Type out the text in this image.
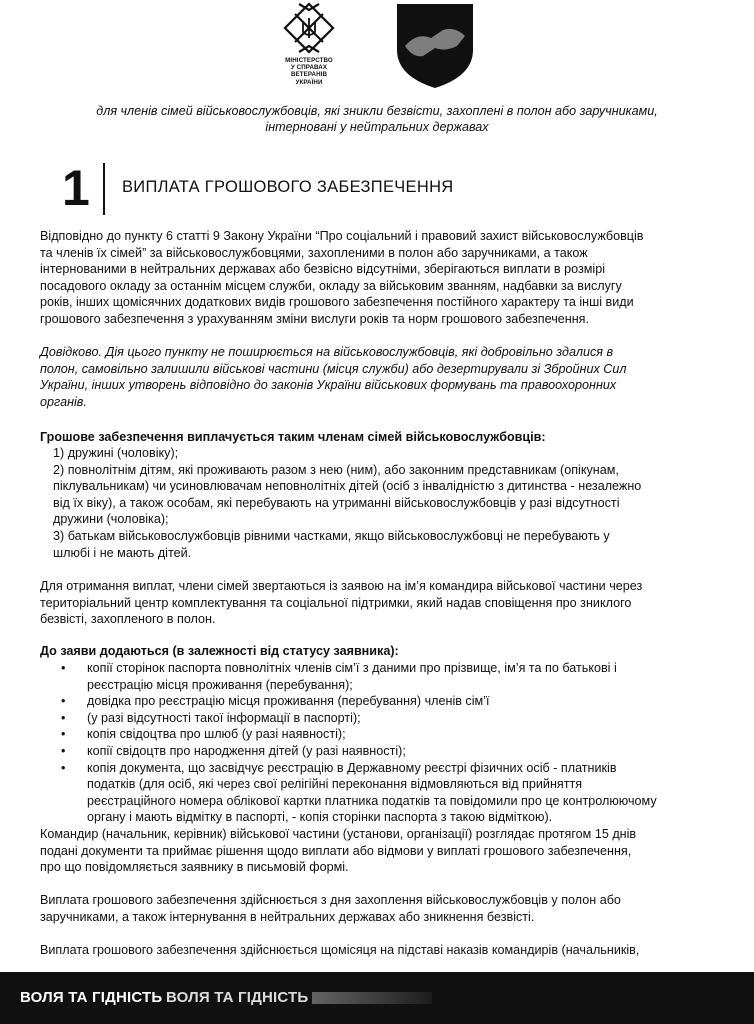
МІНІСТЕРСТВО
У СПРАВАХ
ВЕТЕРАНІВ
УКРАЇНИ
для членів сімей військовослужбовців, які зникли безвісти, захоплені в полон або заручниками,
інтерновані у нейтральних державах
1 ВИПЛАТА ГРОШОВОГО ЗАБЕЗПЕЧЕННЯ
Відповідно до пункту 6 статті 9 Закону України “Про соціальний і правовий захист військовослужбовців
та членів їх сімей” за військовослужбовцями, захопленими в полон або заручниками, а також
інтернованими в нейтральних державах або безвісно відсутніми, зберігаються виплати в розмірі
посадового окладу за останнім місцем служби, окладу за військовим званням, надбавки за вислугу
років, інших щомісячних додаткових видів грошового забезпечення постійного характеру та інші види
грошового забезпечення з урахуванням зміни вислуги років та норм грошового забезпечення.
Довідково. Дія цього пункту не поширюється на військовослужбовців, які добровільно здалися в
полон, самовільно залишили військові частини (місця служби) або дезертирували зі Збройних Сил
України, інших утворень відповідно до законів України військових формувань та правоохоронних
органів.
Грошове забезпечення виплачується таким членам сімей військовослужбовців:
1) дружині (чоловіку);
2) повнолітнім дітям, які проживають разом з нею (ним), або законним представникам (опікунам,
піклувальникам) чи усиновлювачам неповнолітніх дітей (осіб з інвалідністю з дитинства - незалежно
від їх віку), а також особам, які перебувають на утриманні військовослужбовців у разі відсутності
дружини (чоловіка);
3) батькам військовослужбовців рівними частками, якщо військовослужбовці не перебувають у
шлюбі і не мають дітей.
Для отримання виплат, члени сімей звертаються із заявою на ім’я командира військової частини через
територіальний центр комплектування та соціальної підтримки, який надав сповіщення про зниклого
безвісті, захопленого в полон.
До заяви додаються (в залежності від статусу заявника):
• копії сторінок паспорта повнолітніх членів сім’ї з даними про прізвище, ім’я та по батькові і
реєстрацію місця проживання (перебування);
• довідка про реєстрацію місця проживання (перебування) членів сім’ї
• (у разі відсутності такої інформації в паспорті);
• копія свідоцтва про шлюб (у разі наявності);
• копії свідоцтв про народження дітей (у разі наявності);
• копія документа, що засвідчує реєстрацію в Державному реєстрі фізичних осіб - платників
податків (для осіб, які через свої релігійні переконання відмовляються від прийняття
реєстраційного номера облікової картки платника податків та повідомили про це контролюючому
органу і мають відмітку в паспорті, - копія сторінки паспорта з такою відміткою).
Командир (начальник, керівник) військової частини (установи, організації) розглядає протягом 15 днів
подані документи та приймає рішення щодо виплати або відмови у виплаті грошового забезпечення,
про що повідомляється заявнику в письмовій формі.
Виплата грошового забезпечення здійснюється з дня захоплення військовослужбовців у полон або
заручниками, а також інтернування в нейтральних державах або зникнення безвісті.
Виплата грошового забезпечення здійснюється щомісяця на підставі наказів командирів (начальників,
ВОЛЯ ТА ГІДНІСТЬ ВОЛЯ ТА ГІДНІСТЬ
